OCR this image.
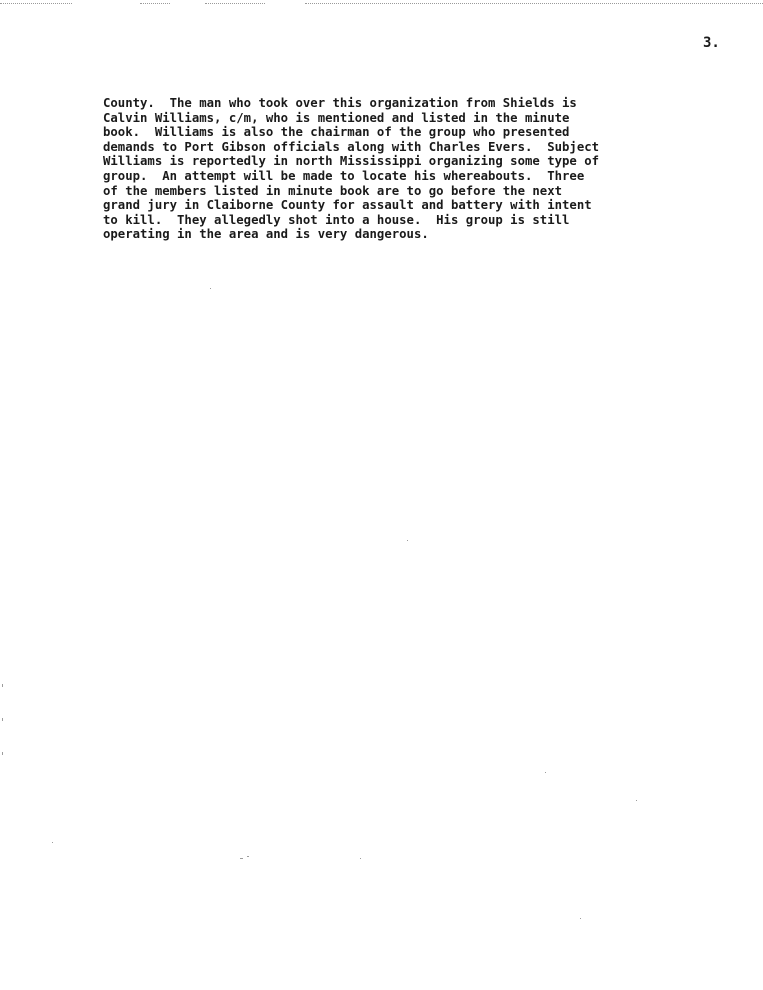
3.
County.  The man who took over this organization from Shields is
Calvin Williams, c/m, who is mentioned and listed in the minute
book.  Williams is also the chairman of the group who presented
demands to Port Gibson officials along with Charles Evers.  Subject
Williams is reportedly in north Mississippi organizing some type of
group.  An attempt will be made to locate his whereabouts.  Three
of the members listed in minute book are to go before the next
grand jury in Claiborne County for assault and battery with intent
to kill.  They allegedly shot into a house.  His group is still
operating in the area and is very dangerous.
